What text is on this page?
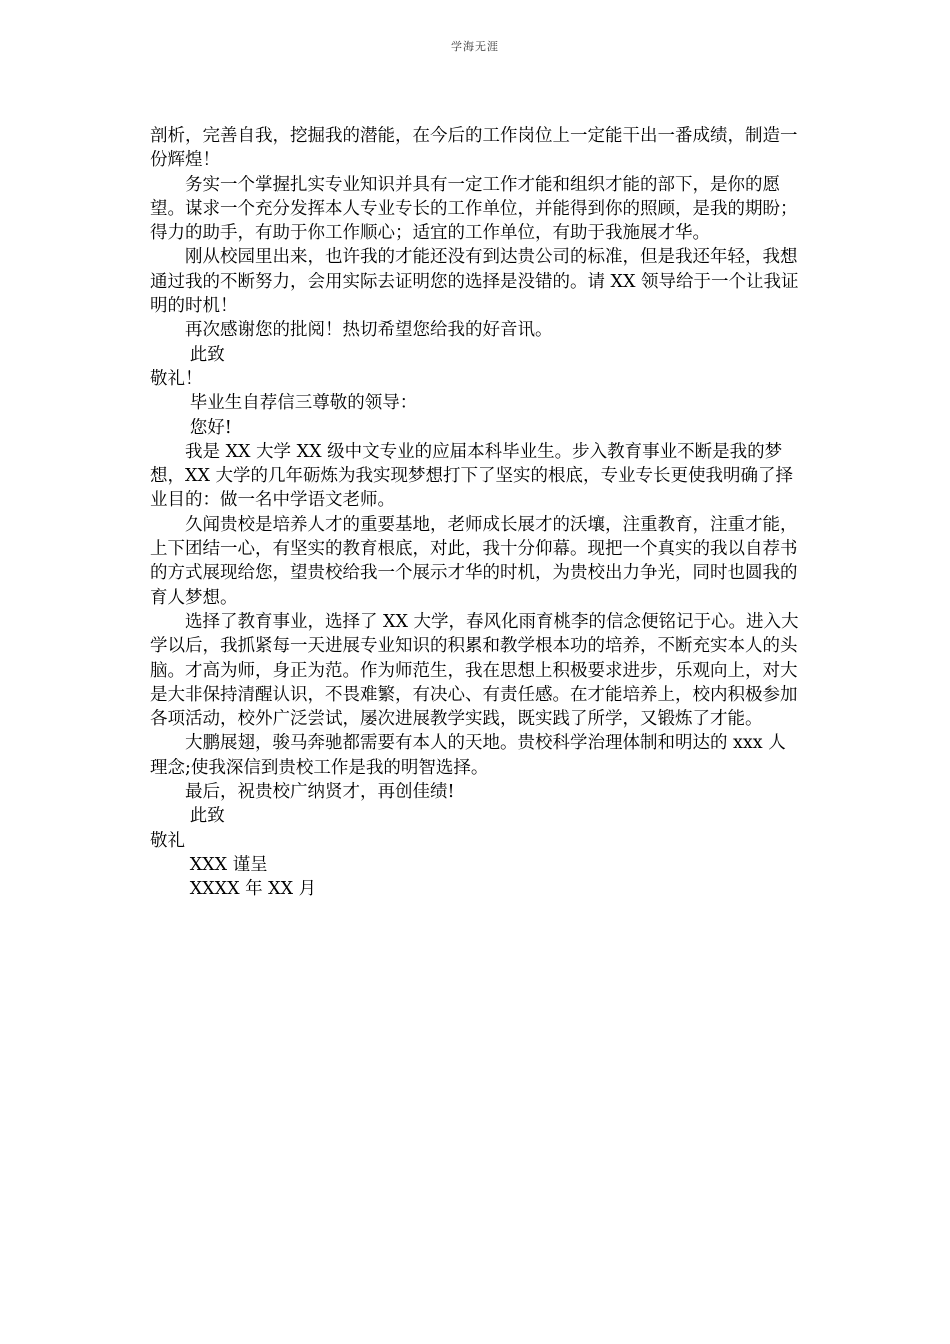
学海无涯

剖析，完善自我，挖掘我的潜能，在今后的工作岗位上一定能干出一番成绩，制造一份辉煌！

务实一个掌握扎实专业知识并具有一定工作才能和组织才能的部下，是你的愿望。谋求一个充分发挥本人专业专长的工作单位，并能得到你的照顾，是我的期盼；得力的助手，有助于你工作顺心；适宜的工作单位，有助于我施展才华。

刚从校园里出来，也许我的才能还没有到达贵公司的标准，但是我还年轻，我想通过我的不断努力，会用实际去证明您的选择是没错的。请 XX 领导给于一个让我证明的时机！

再次感谢您的批阅！热切希望您给我的好音讯。

此致

敬礼！

毕业生自荐信三尊敬的领导：

您好!

我是 XX 大学 XX 级中文专业的应届本科毕业生。步入教育事业不断是我的梦想，XX 大学的几年砺炼为我实现梦想打下了坚实的根底，专业专长更使我明确了择业目的：做一名中学语文老师。

久闻贵校是培养人才的重要基地，老师成长展才的沃壤，注重教育，注重才能，上下团结一心，有坚实的教育根底，对此，我十分仰幕。现把一个真实的我以自荐书的方式展现给您，望贵校给我一个展示才华的时机，为贵校出力争光，同时也圆我的育人梦想。

选择了教育事业，选择了 XX 大学，春风化雨育桃李的信念便铭记于心。进入大学以后，我抓紧每一天进展专业知识的积累和教学根本功的培养，不断充实本人的头脑。才高为师，身正为范。作为师范生，我在思想上积极要求进步，乐观向上，对大是大非保持清醒认识，不畏难繁，有决心、有责任感。在才能培养上，校内积极参加各项活动，校外广泛尝试，屡次进展教学实践，既实践了所学，又锻炼了才能。

大鹏展翅，骏马奔驰都需要有本人的天地。贵校科学治理体制和明达的 xxx 人理念;使我深信到贵校工作是我的明智选择。

最后，祝贵校广纳贤才，再创佳绩!

此致

敬礼

XXX 谨呈

XXXX 年 XX 月
